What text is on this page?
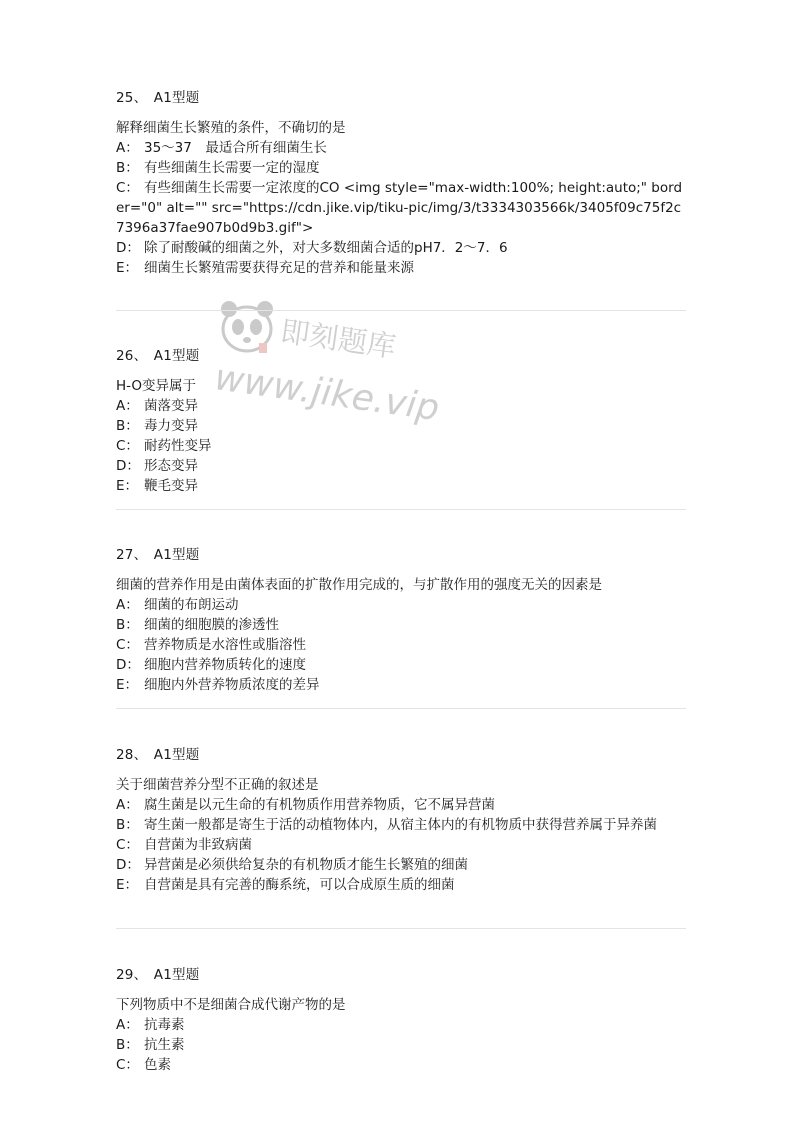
即刻题库
www.jike.vip

25、 A1型题

解释细菌生长繁殖的条件，不确切的是

A： 35～37　最适合所有细菌生长

B： 有些细菌生长需要一定的湿度

C： 有些细菌生长需要一定浓度的CO <img style="max-width:100%; height:auto;" border="0" alt="" src="https://cdn.jike.vip/tiku-pic/img/3/t3334303566k/3405f09c75f2c7396a37fae907b0d9b3.gif">

D： 除了耐酸碱的细菌之外，对大多数细菌合适的pH7．2～7．6

E： 细菌生长繁殖需要获得充足的营养和能量来源

26、 A1型题

H-O变异属于

A： 菌落变异

B： 毒力变异

C： 耐药性变异

D： 形态变异

E： 鞭毛变异

27、 A1型题

细菌的营养作用是由菌体表面的扩散作用完成的，与扩散作用的强度无关的因素是

A： 细菌的布朗运动

B： 细菌的细胞膜的渗透性

C： 营养物质是水溶性或脂溶性

D： 细胞内营养物质转化的速度

E： 细胞内外营养物质浓度的差异

28、 A1型题

关于细菌营养分型不正确的叙述是

A： 腐生菌是以元生命的有机物质作用营养物质，它不属异营菌

B： 寄生菌一般都是寄生于活的动植物体内，从宿主体内的有机物质中获得营养属于异养菌

C： 自营菌为非致病菌

D： 异营菌是必须供给复杂的有机物质才能生长繁殖的细菌

E： 自营菌是具有完善的酶系统，可以合成原生质的细菌

29、 A1型题

下列物质中不是细菌合成代谢产物的是

A： 抗毒素

B： 抗生素

C： 色素
